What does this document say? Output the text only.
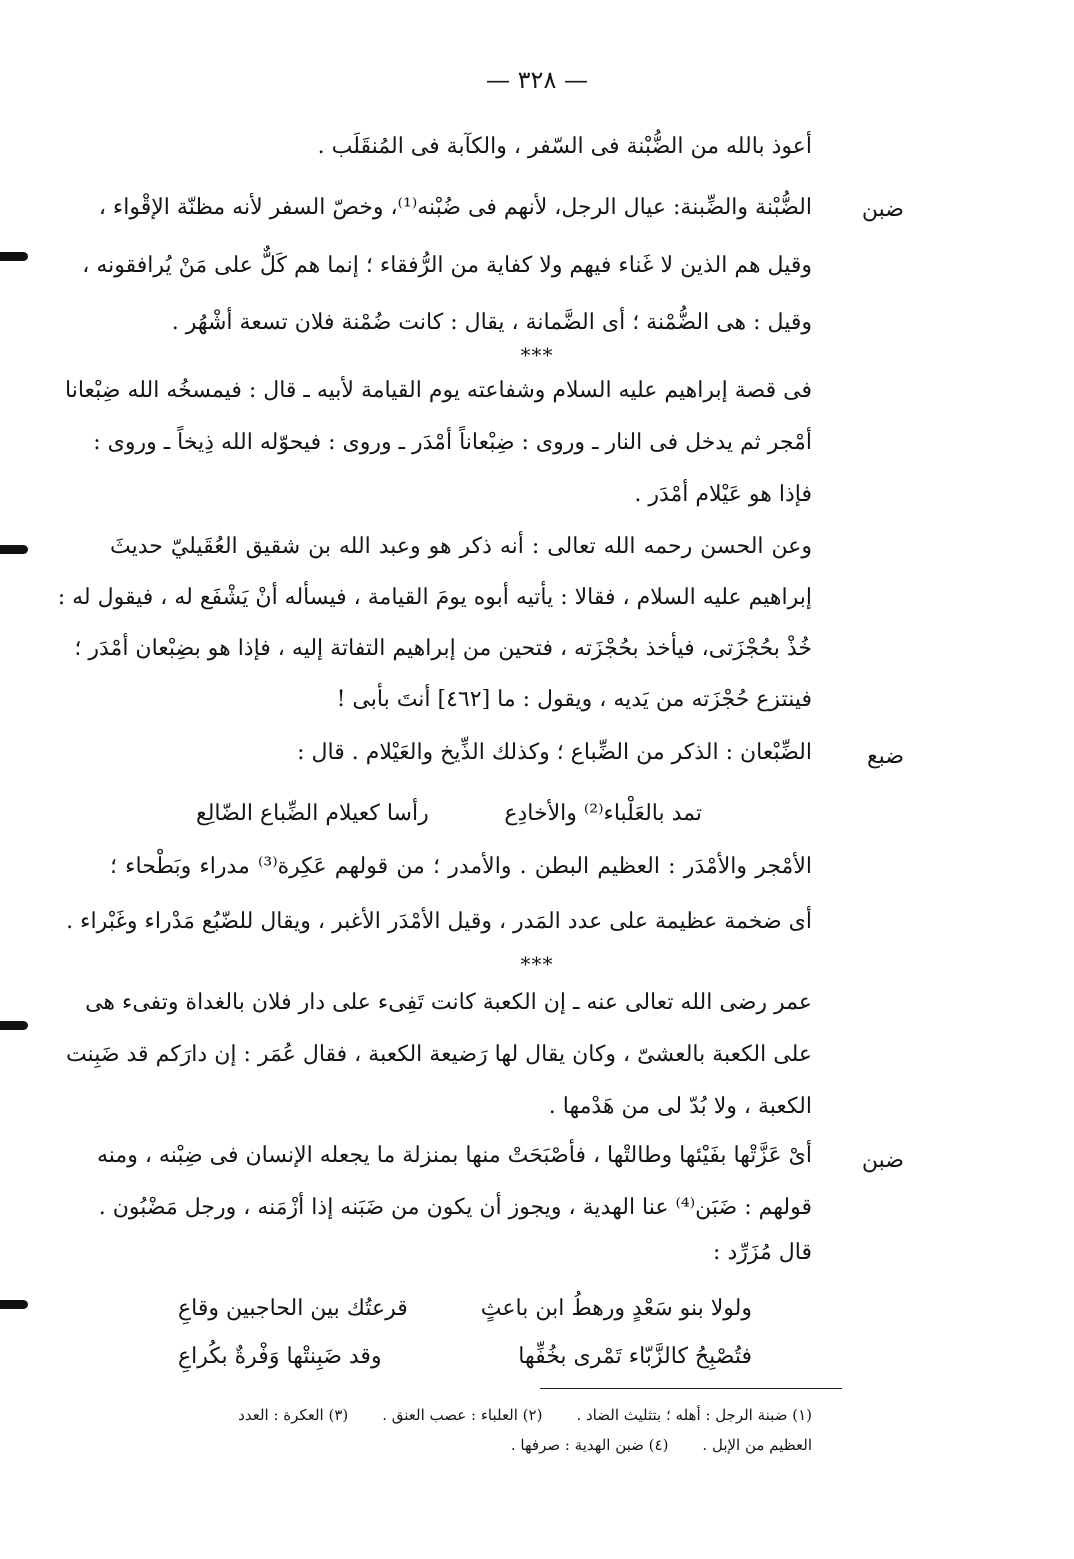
— ٣٢٨ —
أعوذ بالله من الضُّبْنة فى السّفر ، والكآبة فى المُنقَلَب .
ضبن
الضُّبْنة والضِّبنة: عيال الرجل، لأنهم فى ضُبْنه⁽¹⁾، وخصّ السفر لأنه مظنّة الإقْواء ،
وقيل هم الذين لا غَناء فيهم ولا كفاية من الرُّفقاء ؛ إنما هم كَلٌّ على مَنْ يُرافقونه ،
وقيل : هى الضُّمْنة ؛ أى الضَّمانة ، يقال : كانت ضُمْنة فلان تسعة أشْهُر .
***
فى قصة إبراهيم عليه السلام وشفاعته يوم القيامة لأبيه ـ قال : فيمسخُه الله ضِبْعانا
أمْجر ثم يدخل فى النار ـ وروى : ضِبْعاناً أمْدَر ـ وروى : فيحوّله الله ذِيخاً ـ وروى :
فإذا هو عَيْلام أمْدَر .
وعن الحسن رحمه الله تعالى : أنه ذكر هو وعبد الله بن شقيق العُقَيليّ حديثَ
إبراهيم عليه السلام ، فقالا : يأتيه أبوه يومَ القيامة ، فيسأله أنْ يَشْفَع له ، فيقول له :
خُذْ بحُجْزَتى، فيأخذ بحُجْزَته ، فتحين من إبراهيم التفاتة إليه ، فإذا هو بضِبْعان أمْدَر ؛
فينتزع حُجْزَته من يَديه ، ويقول : ما [٤٦٢] أنتَ بأبى !
ضبع
الضِّبْعان : الذكر من الضِّباع ؛ وكذلك الذِّيخ والعَيْلام . قال :
تمد بالعَلْباء⁽²⁾ والأخادِع
رأسا كعيلام الضِّباع الضّالِع
الأمْجر والأمْدَر : العظيم البطن . والأمدر ؛ من قولهم عَكِرة⁽³⁾ مدراء وبَطْحاء ؛
أى ضخمة عظيمة على عدد المَدر ، وقيل الأمْدَر الأغبر ، ويقال للضّبُع مَدْراء وغَبْراء .
***
عمر رضى الله تعالى عنه ـ إن الكعبة كانت تَفِىء على دار فلان بالغداة وتفىء هى
على الكعبة بالعشىّ ، وكان يقال لها رَضيعة الكعبة ، فقال عُمَر : إن دارَكم قد ضَبِنت
الكعبة ، ولا بُدّ لى من هَدْمها .
ضبن
أىْ عَزَّتْها بفَيْئها وطالتْها ، فأصْبَحَتْ منها بمنزلة ما يجعله الإنسان فى ضِبْنه ، ومنه
قولهم : ضَبَن⁽⁴⁾ عنا الهدية ، ويجوز أن يكون من ضَبَنه إذا أزْمَنه ، ورجل مَضْبُون .
قال مُزَرِّد :
ولولا بنو سَعْدٍ ورهطُ ابن باعثٍ
قرعتُك بين الحاجبين وقاعِ
فتُصْبِحُ كالزَّبّاء تَمْرى بخُفِّها
وقد ضَبِنتْها وَفْرةٌ بكُراعِ
(١) ضبنة الرجل : أهله ؛ بتثليث الضاد .(٢) العلباء : عصب العنق .(٣) العكرة : العدد
العظيم من الإبل .(٤) ضبن الهدية : صرفها .
